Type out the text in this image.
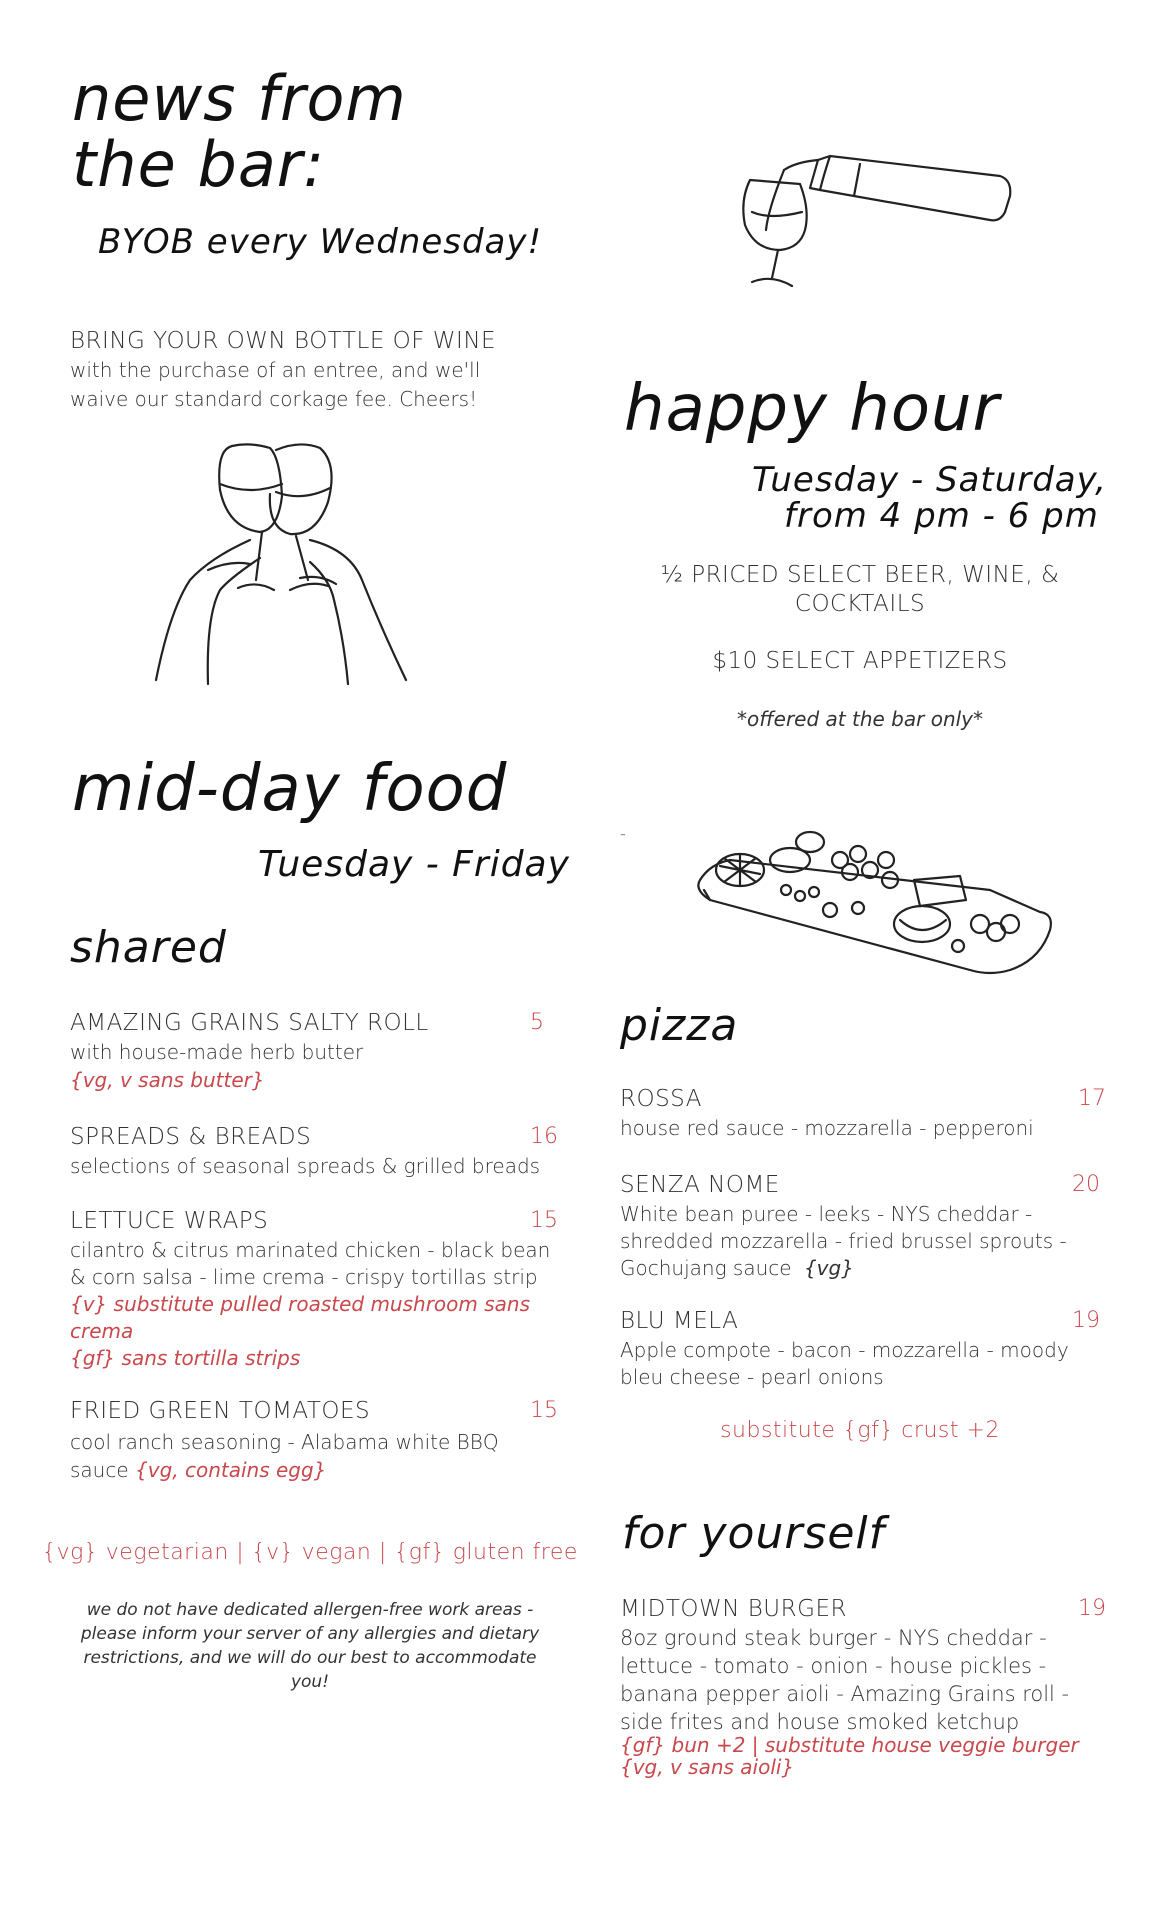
news from
the bar:
BYOB every Wednesday!
BRING YOUR OWN BOTTLE OF WINE
with the purchase of an entree, and we'll
waive our standard corkage fee. Cheers! happy hour
Tuesday - Saturday,
from 4 pm - 6 pm
½ PRICED SELECT BEER, WINE, &
COCKTAILS
$10 SELECT APPETIZERS
*offered at the bar only*
mid-day food
Tuesday - Friday
-
shared
AMAZING GRAINS SALTY ROLL	5
with house-made herb butter
{vg, v sans butter}
SPREADS & BREADS	16
selections of seasonal spreads & grilled breads
LETTUCE WRAPS	15
cilantro & citrus marinated chicken - black bean
& corn salsa - lime crema - crispy tortillas strip
{v} substitute pulled roasted mushroom sans
crema
{gf} sans tortilla strips
FRIED GREEN TOMATOES	15
cool ranch seasoning - Alabama white BBQ
sauce {vg, contains egg}
{vg} vegetarian | {v} vegan | {gf} gluten free
we do not have dedicated allergen-free work areas -
please inform your server of any allergies and dietary
restrictions, and we will do our best to accommodate
you!
pizza
ROSSA	17
house red sauce - mozzarella - pepperoni
SENZA NOME	20
White bean puree - leeks - NYS cheddar -
shredded mozzarella - fried brussel sprouts -
Gochujang sauce {vg}
BLU MELA	19
Apple compote - bacon - mozzarella - moody
bleu cheese - pearl onions
substitute {gf} crust +2
for yourself
MIDTOWN BURGER	19
8oz ground steak burger - NYS cheddar -
lettuce - tomato - onion - house pickles -
banana pepper aioli - Amazing Grains roll -
side frites and house smoked ketchup
{gf} bun +2 | substitute house veggie burger
{vg, v sans aioli}
